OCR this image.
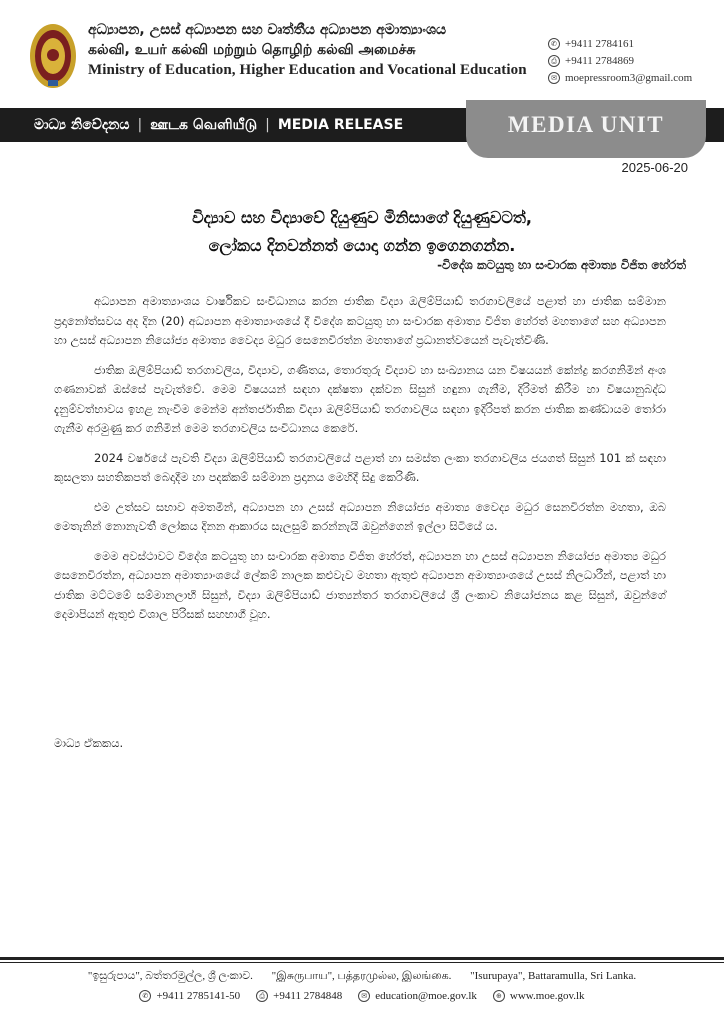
අධ්‍යාපන, උසස් අධ්‍යාපන සහ වෘත්තීය අධ්‍යාපන අමාත්‍යාංශය
கல்வி, உயர் கல்வி மற்றும் தொழிற் கல்வி அமைச்சு
Ministry of Education, Higher Education and Vocational Education
✆ +9411 2784161
⎙ +9411 2784869
✉ moepressroom3@gmail.com
මාධ්‍ය නිවේදනය | ஊடக வெளியீடு | MEDIA RELEASE	MEDIA UNIT
2025-06-20
විද්‍යාව සහ විද්‍යාවේ දියුණුව මිනිසාගේ දියුණුවටත්,
ලෝකය දිනවන්නත් යොදා ගන්න ඉගෙනගන්න.
-විදේශ කටයුතු හා සංචාරක අමාත්‍ය විජිත හේරත්

අධ්‍යාපන අමාත්‍යාංශය වාර්ෂිකව සංවිධානය කරන ජාතික විද්‍යා ඔලිම්පියාඩ් තරගාවලියේ පළාත් හා ජාතික සම්මාන ප්‍රදානෝත්සවය අද දින (20) අධ්‍යාපන අමාත්‍යාංශයේ දී විදේශ කටයුතු හා සංචාරක අමාත්‍ය විජිත හේරත් මහතාගේ සහ අධ්‍යාපන හා උසස් අධ්‍යාපන නියෝජ්‍ය අමාත්‍ය වෛද්‍ය මධුර සෙනෙවිරත්න මහතාගේ ප්‍රධානත්වයෙන් පැවැත්විණි.

ජාතික ඔලිම්පියාඩ් තරගාවලිය, විද්‍යාව, ගණිතය, තොරතුරු විද්‍යාව හා සංඛ්‍යානය යන විෂයයන් කේන්ද්‍ර කරගනිමින් අංශ ගණනාවක් ඔස්සේ පැවැත්වේ. මෙම විෂයයන් සඳහා දක්ෂතා දක්වන සිසුන් හඳුනා ගැනීම, දිරිමත් කිරීම හා විෂයානුබද්ධ දැනුම්වත්භාවය ඉහළ නැංවීම මෙන්ම අන්තර්ජාතික විද්‍යා ඔලිම්පියාඩ් තරගාවලිය සඳහා ඉදිරිපත් කරන ජාතික කණ්ඩායම තෝරා ගැනීම අරමුණු කර ගනිමින් මෙම තරගාවලිය සංවිධානය කෙරේ.

2024 වර්ෂයේ පැවති විද්‍යා ඔලිම්පියාඩ් තරගාවලියේ පළාත් හා සමස්ත ලංකා තරගාවලිය ජයගත් සිසුන් 101 ක් සඳහා කුසලතා සහතිකපත් බෙදාදීම හා පදක්කම් සම්මාන ප්‍රදානය මෙහිදී සිදු කෙරිණි.

එම උත්සව සභාව අමතමින්, අධ්‍යාපන හා උසස් අධ්‍යාපන නියෝජ්‍ය අමාත්‍ය වෛද්‍ය මධුර සෙනවිරත්න මහතා, ඔබ මෙතැනින් නොනැවතී ලෝකය දිනන ආකාරය සැලසුම් කරන්නැයි ඔවුන්ගෙන් ඉල්ලා සිටියේ ය.

මෙම අවස්ථාවට විදේශ කටයුතු හා සංචාරක අමාත්‍ය විජිත හේරත්, අධ්‍යාපන හා උසස් අධ්‍යාපන නියෝජ්‍ය අමාත්‍ය මධුර සෙනෙවිරත්න, අධ්‍යාපන අමාත්‍යාංශයේ ලේකම් නාලක කළුවැව මහතා ඇතුළු අධ්‍යාපන අමාත්‍යාංශයේ උසස් නිලධාරීන්, පළාත් හා ජාතික මට්ටමේ සම්මානලාභී සිසුන්, විද්‍යා ඔලිම්පියාඩ් ජාත්‍යන්තර තරගාවලියේ ශ්‍රී ලංකාව නියෝජනය කළ සිසුන්, ඔවුන්ගේ දෙමාපියන් ඇතුළු විශාල පිරිසක් සහභාගී වූහ.

මාධ්‍ය ඒකකය.
"ඉසුරුපාය", බත්තරමුල්ල, ශ්‍රී ලංකාව. "இசுருபாய", பத்தரமுல்ல, இலங்கை. "Isurupaya", Battaramulla, Sri Lanka.
✆ +9411 2785141-50	⎙ +9411 2784848	✉ education@moe.gov.lk	⊕ www.moe.gov.lk
